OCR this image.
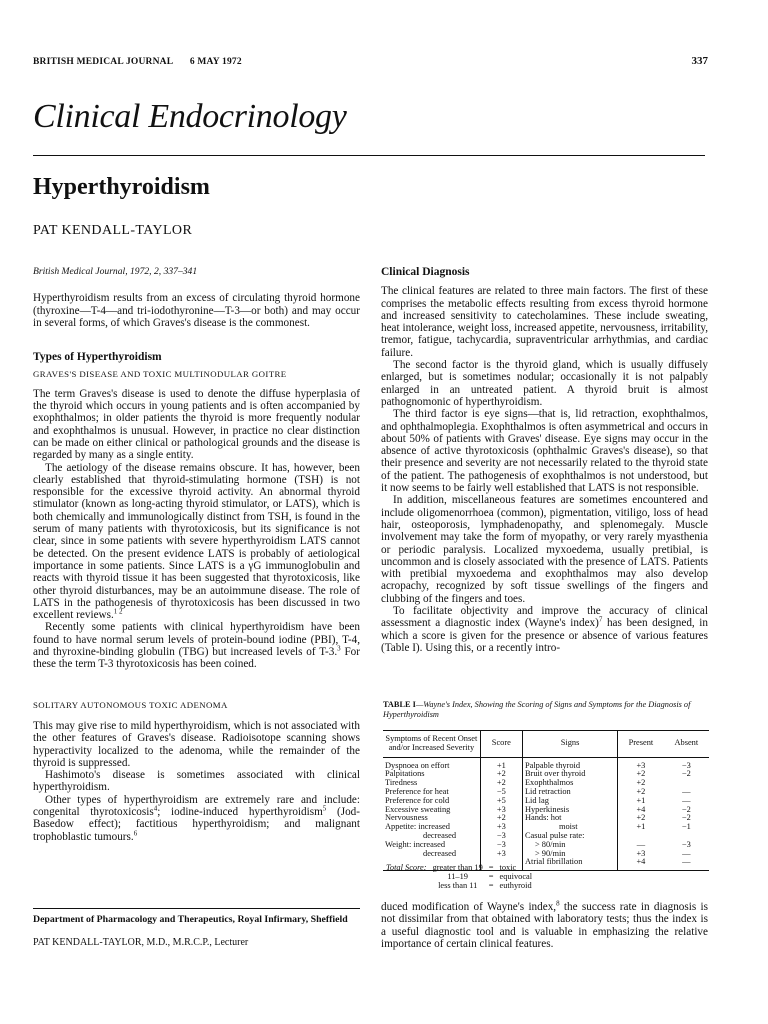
BRITISH MEDICAL JOURNAL 6 MAY 1972	337
Clinical Endocrinology
Hyperthyroidism
PAT KENDALL-TAYLOR

British Medical Journal, 1972, 2, 337–341

Hyperthyroidism results from an excess of circulating thyroid hormone (thyroxine—T-4—and tri-iodothyronine—T-3—or both) and may occur in several forms, of which Graves's disease is the commonest.

Types of Hyperthyroidism

GRAVES'S DISEASE AND TOXIC MULTINODULAR GOITRE

The term Graves's disease is used to denote the diffuse hyperplasia of the thyroid which occurs in young patients and is often accompanied by exophthalmos; in older patients the thyroid is more frequently nodular and exophthalmos is unusual. However, in practice no clear distinction can be made on either clinical or pathological grounds and the disease is regarded by many as a single entity.

The aetiology of the disease remains obscure. It has, however, been clearly established that thyroid-stimulating hormone (TSH) is not responsible for the excessive thyroid activity. An abnormal thyroid stimulator (known as long-acting thyroid stimulator, or LATS), which is both chemically and immunologically distinct from TSH, is found in the serum of many patients with thyrotoxicosis, but its significance is not clear, since in some patients with severe hyperthyroidism LATS cannot be detected. On the present evidence LATS is probably of aetiological importance in some patients. Since LATS is a γG immunoglobulin and reacts with thyroid tissue it has been suggested that thyrotoxicosis, like other thyroid disturbances, may be an autoimmune disease. The role of LATS in the pathogenesis of thyrotoxicosis has been discussed in two excellent reviews.$^{1 2}$

Recently some patients with clinical hyperthyroidism have been found to have normal serum levels of protein-bound iodine (PBI), T-4, and thyroxine-binding globulin (TBG) but increased levels of T-3.$^3$ For these the term T-3 thyrotoxicosis has been coined.

SOLITARY AUTONOMOUS TOXIC ADENOMA

This may give rise to mild hyperthyroidism, which is not associated with the other features of Graves's disease. Radioisotope scanning shows hyperactivity localized to the adenoma, while the remainder of the thyroid is suppressed.

Hashimoto's disease is sometimes associated with clinical hyperthyroidism.

Other types of hyperthyroidism are extremely rare and include: congenital thyrotoxicosis$^4$; iodine-induced hyperthyroidism$^5$ (Jod-Basedow effect); factitious hyperthyroidism; and malignant trophoblastic tumours.$^6$

Department of Pharmacology and Therapeutics, Royal Infirmary, Sheffield
PAT KENDALL-TAYLOR, M.D., M.R.C.P., Lecturer
Clinical Diagnosis

The clinical features are related to three main factors. The first of these comprises the metabolic effects resulting from excess thyroid hormone and increased sensitivity to catecholamines. These include sweating, heat intolerance, weight loss, increased appetite, nervousness, irritability, tremor, fatigue, tachycardia, supraventricular arrhythmias, and cardiac failure.

The second factor is the thyroid gland, which is usually diffusely enlarged, but is sometimes nodular; occasionally it is not palpably enlarged in an untreated patient. A thyroid bruit is almost pathognomonic of hyperthyroidism.

The third factor is eye signs—that is, lid retraction, exophthalmos, and ophthalmoplegia. Exophthalmos is often asymmetrical and occurs in about 50% of patients with Graves' disease. Eye signs may occur in the absence of active thyrotoxicosis (ophthalmic Graves's disease), so that their presence and severity are not necessarily related to the thyroid state of the patient. The pathogenesis of exophthalmos is not understood, but it now seems to be fairly well established that LATS is not responsible.

In addition, miscellaneous features are sometimes encountered and include oligomenorrhoea (common), pigmentation, vitiligo, loss of head hair, osteoporosis, lymphadenopathy, and splenomegaly. Muscle involvement may take the form of myopathy, or very rarely myasthenia or periodic paralysis. Localized myxoedema, usually pretibial, is uncommon and is closely associated with the presence of LATS. Patients with pretibial myxoedema and exophthalmos may also develop acropachy, recognized by soft tissue swellings of the fingers and clubbing of the fingers and toes.

To facilitate objectivity and improve the accuracy of clinical assessment a diagnostic index (Wayne's index)$^7$ has been designed, in which a score is given for the presence or absence of various features (Table I). Using this, or a recently intro-

TABLE I—Wayne's Index, Showing the Scoring of Signs and Symptoms for the Diagnosis of Hyperthyroidism
Symptoms of Recent Onset and/or Increased Severity	Score	Signs	Present	Absent
Dyspnoea on effort	+1	Palpable thyroid	+3	−3
Palpitations	+2	Bruit over thyroid	+2	−2
Tiredness	+2	Exophthalmos	+2	
Preference for heat	−5	Lid retraction	+2	—
Preference for cold	+5	Lid lag	+1	—
Excessive sweating	+3	Hyperkinesis	+4	−2
Nervousness	+2	Hands: hot	+2	−2
Appetite: increased	+3	moist	+1	−1
decreased	−3	Casual pulse rate:		
Weight: increased	−3	> 80/min	—	−3
decreased	+3	> 90/min	+3	—
		Atrial fibrillation	+4	—
Total Score:	greater than 19	=	toxic
	11–19	=	equivocal
	less than 11	=	euthyroid

duced modification of Wayne's index,$^8$ the success rate in diagnosis is not dissimilar from that obtained with laboratory tests; thus the index is a useful diagnostic tool and is valuable in emphasizing the relative importance of certain clinical features.
